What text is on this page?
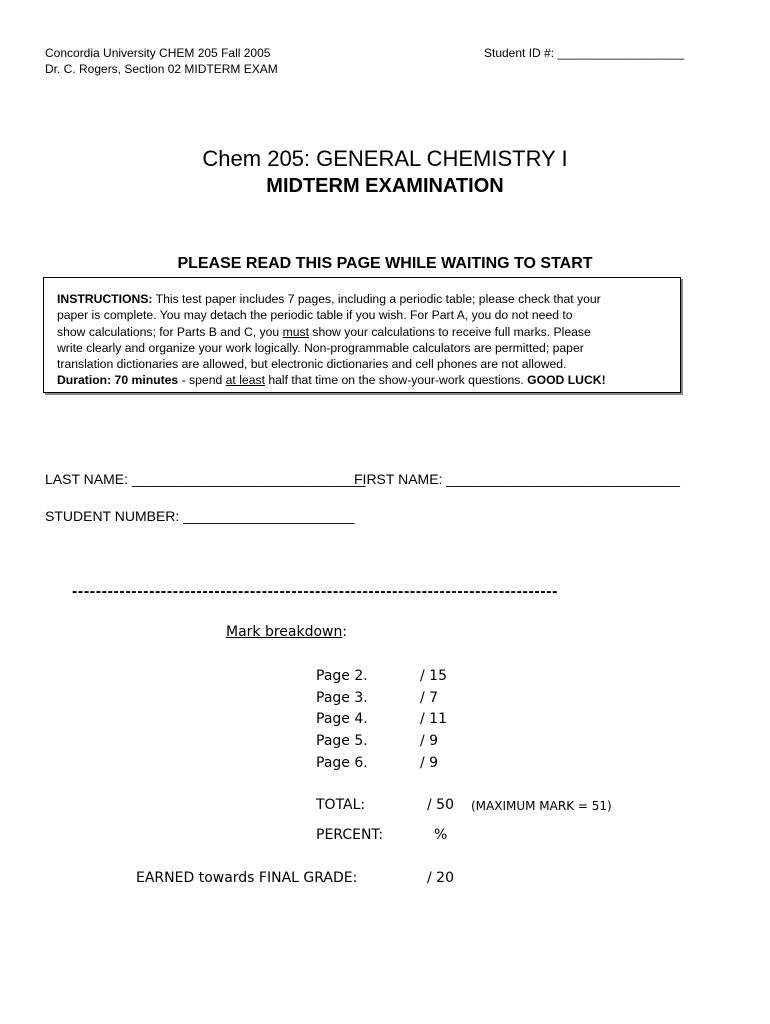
Concordia University CHEM 205 Fall 2005
Dr. C. Rogers, Section 02 MIDTERM EXAM
Student ID #: ___________________
Chem 205: GENERAL CHEMISTRY I
MIDTERM EXAMINATION
PLEASE READ THIS PAGE WHILE WAITING TO START

INSTRUCTIONS: This test paper includes 7 pages, including a periodic table; please check that your

paper is complete. You may detach the periodic table if you wish. For Part A, you do not need to

show calculations; for Parts B and C, you must show your calculations to receive full marks. Please

write clearly and organize your work logically. Non-programmable calculators are permitted; paper

translation dictionaries are allowed, but electronic dictionaries and cell phones are not allowed.

Duration: 70 minutes - spend at least half that time on the show-your-work questions. GOOD LUCK!

LAST NAME: ______________________________
FIRST NAME: ______________________________
STUDENT NUMBER: ______________________
----------------------------------------------------------------------------------
Mark breakdown:
Page 2.	/ 15
Page 3.	/ 7
Page 4.	/ 11
Page 5.	/ 9
Page 6.	/ 9
TOTAL:	/ 50 (MAXIMUM MARK = 51)
PERCENT:	%
EARNED towards FINAL GRADE:	/ 20
